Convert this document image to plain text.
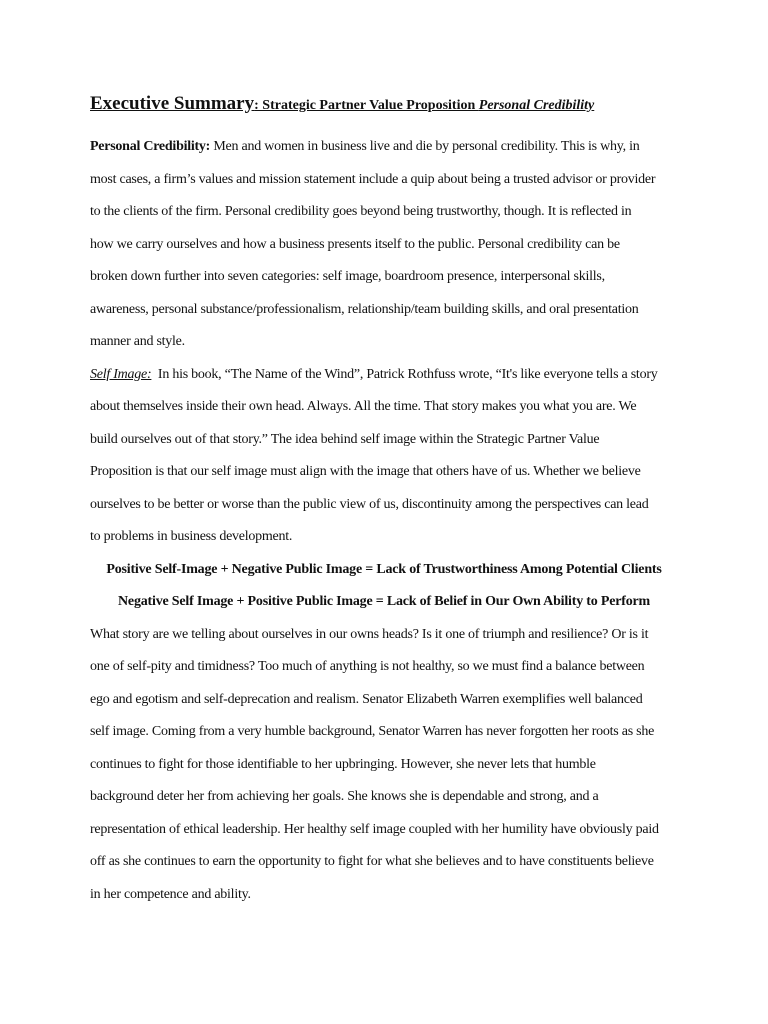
Executive Summary: Strategic Partner Value Proposition Personal Credibility

Personal Credibility: Men and women in business live and die by personal credibility. This is why, in
most cases, a firm’s values and mission statement include a quip about being a trusted advisor or provider
to the clients of the firm. Personal credibility goes beyond being trustworthy, though. It is reflected in
how we carry ourselves and how a business presents itself to the public. Personal credibility can be
broken down further into seven categories: self image, boardroom presence, interpersonal skills,
awareness, personal substance/professionalism, relationship/team building skills, and oral presentation
manner and style.

Self Image:  In his book, “The Name of the Wind”, Patrick Rothfuss wrote, “It's like everyone tells a story
about themselves inside their own head. Always. All the time. That story makes you what you are. We
build ourselves out of that story.” The idea behind self image within the Strategic Partner Value
Proposition is that our self image must align with the image that others have of us. Whether we believe
ourselves to be better or worse than the public view of us, discontinuity among the perspectives can lead
to problems in business development.

Positive Self-Image + Negative Public Image = Lack of Trustworthiness Among Potential Clients

Negative Self Image + Positive Public Image = Lack of Belief in Our Own Ability to Perform

What story are we telling about ourselves in our owns heads? Is it one of triumph and resilience? Or is it
one of self-pity and timidness? Too much of anything is not healthy, so we must find a balance between
ego and egotism and self-deprecation and realism. Senator Elizabeth Warren exemplifies well balanced
self image. Coming from a very humble background, Senator Warren has never forgotten her roots as she
continues to fight for those identifiable to her upbringing. However, she never lets that humble
background deter her from achieving her goals. She knows she is dependable and strong, and a
representation of ethical leadership. Her healthy self image coupled with her humility have obviously paid
off as she continues to earn the opportunity to fight for what she believes and to have constituents believe
in her competence and ability.
